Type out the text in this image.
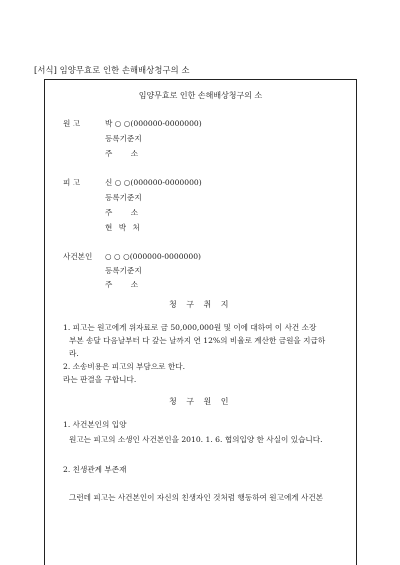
[서식] 임양무효로 인한 손해배상청구의 소
임양무효로 인한 손해배상청구의 소
원 고	박 ○ ○(000000-0000000)
등록기준지
주 소
피 고	신 ○ ○(000000-0000000)
등록기준지
주 소
현 박 처
사건본인 ○ ○ ○(000000-0000000)
등록기준지
주 소
청 구 취 지
1. 피고는 원고에게 위자료로 금 50,000,000원 및 이에 대하여 이 사건 소장
부본 송달 다음날부터 다 갚는 날까지 연 12%의 비율로 계산한 금원을 지급하
라.
2. 소송비용은 피고의 부담으로 한다.
라는 판결을 구합니다.
청 구 원 인
1. 사건본인의 입양
원고는 피고의 소생인 사건본인을 2010. 1. 6. 협의입양 한 사실이 있습니다.
2. 친생관계 부존재
그런데 피고는 사건본인이 자신의 친생자인 것처럼 행동하여 원고에게 사건본
